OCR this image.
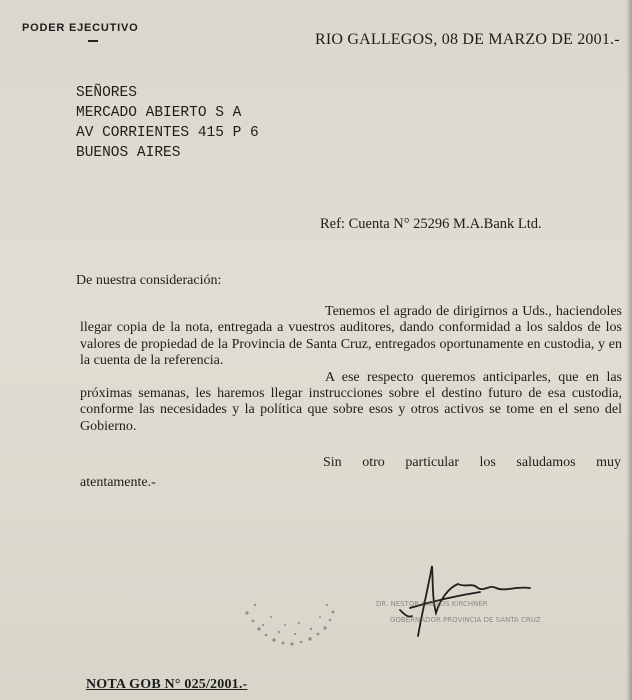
PODER EJECUTIVO
RIO GALLEGOS, 08 DE MARZO DE 2001.-
SEÑORES
MERCADO ABIERTO S A
AV CORRIENTES 415 P 6
BUENOS AIRES
Ref: Cuenta N° 25296 M.A.Bank Ltd.
De nuestra consideración:

Tenemos el agrado de dirigirnos a Uds., haciendoles llegar copia de la nota, entregada a vuestros auditores, dando conformidad a los saldos de los valores de propiedad de la Provincia de Santa Cruz, entregados oportunamente en custodia, y en la cuenta de la referencia.

A ese respecto queremos anticiparles, que en las próximas semanas, les haremos llegar instrucciones sobre el destino futuro de esa custodia, conforme las necesidades y la política que sobre esos y otros activos se tome en el seno del Gobierno.

Sin otro particular los saludamos muy
atentamente.-
DR. NESTOR CARLOS KIRCHNER
GOBERNADOR PROVINCIA DE SANTA CRUZ
NOTA GOB N° 025/2001.-
